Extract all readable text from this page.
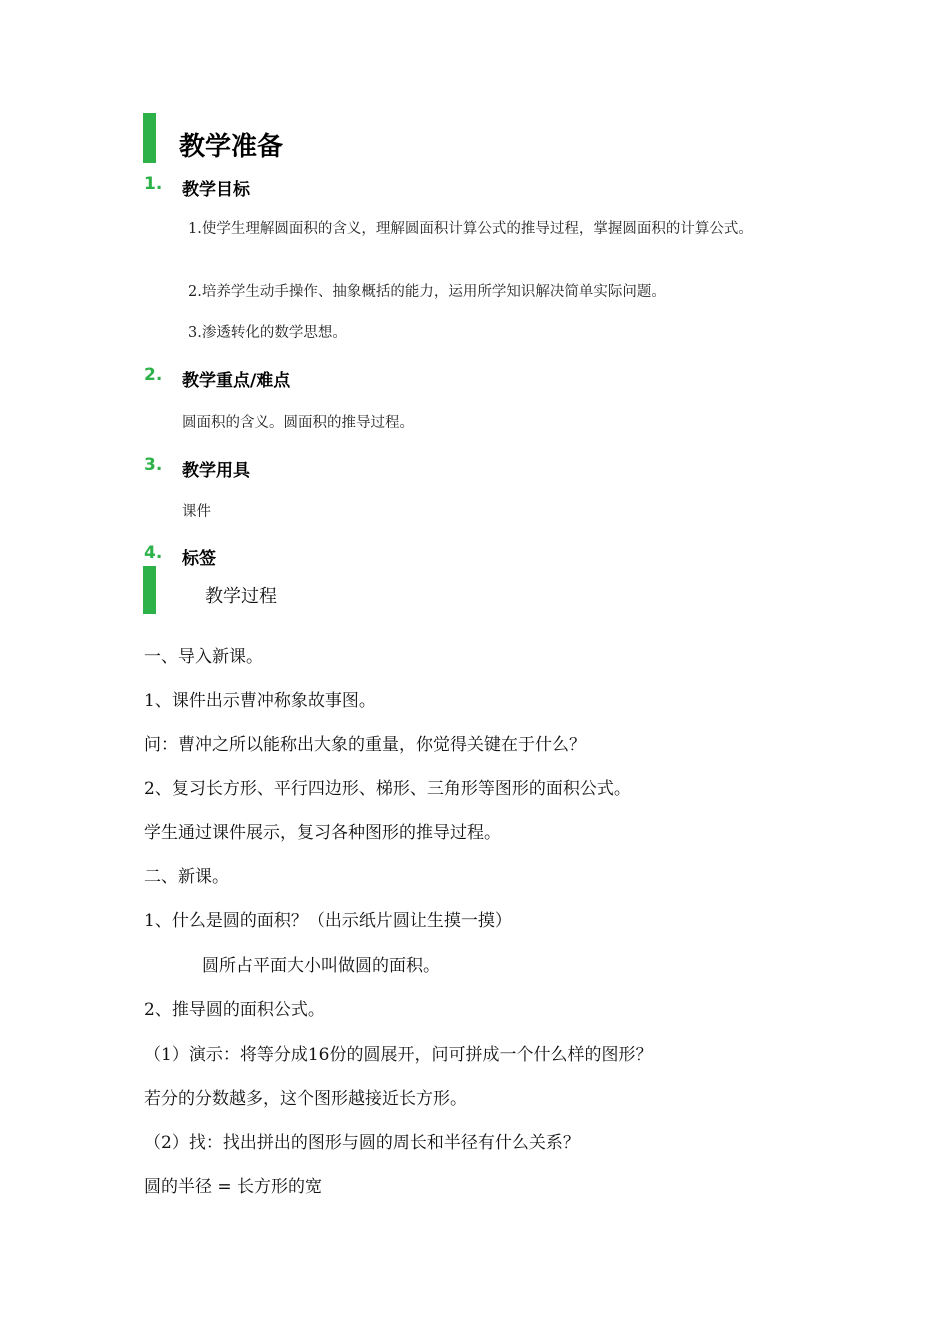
教学准备
1. 教学目标
1.使学生理解圆面积的含义，理解圆面积计算公式的推导过程，掌握圆面积的计算公式。
2.培养学生动手操作、抽象概括的能力，运用所学知识解决简单实际问题。
3.渗透转化的数学思想。
2. 教学重点/难点
圆面积的含义。圆面积的推导过程。
3. 教学用具
课件
4. 标签
教学过程
一、导入新课。
1、课件出示曹冲称象故事图。
问：曹冲之所以能称出大象的重量，你觉得关键在于什么？
2、复习长方形、平行四边形、梯形、三角形等图形的面积公式。
学生通过课件展示，复习各种图形的推导过程。
二、新课。
1、什么是圆的面积？（出示纸片圆让生摸一摸）
圆所占平面大小叫做圆的面积。
2、推导圆的面积公式。
（1）演示：将等分成16份的圆展开，问可拼成一个什么样的图形？
若分的分数越多，这个图形越接近长方形。
（2）找：找出拼出的图形与圆的周长和半径有什么关系？
圆的半径 = 长方形的宽
